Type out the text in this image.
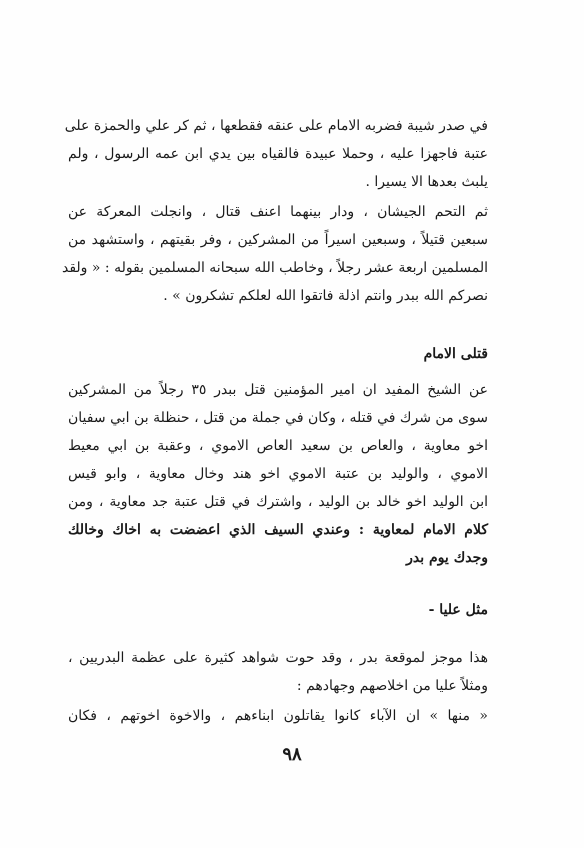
في صدر شيبة فضربه الامام على عنقه فقطعها ، ثم كر علي والحمزة على
عتبة فاجهزا عليه ، وحملا عبيدة فالقياه بين يدي ابن عمه الرسول ، ولم
يلبث بعدها الا يسيرا .
ثم التحم الجيشان ، ودار بينهما اعنف قتال ، وانجلت المعركة عن
سبعين قتيلاً ، وسبعين اسيراً من المشركين ، وفر بقيتهم ، واستشهد من
المسلمين اربعة عشر رجلاً ، وخاطب الله سبحانه المسلمين بقوله : « ولقد
نصركم الله ببدر وانتم اذلة فاتقوا الله لعلكم تشكرون » .
قتلى الامام
عن الشيخ المفيد ان امير المؤمنين قتل ببدر ٣٥ رجلاً من المشركين
سوى من شرك في قتله ، وكان في جملة من قتل ، حنظلة بن ابي سفيان
اخو معاوية ، والعاص بن سعيد العاص الاموي ، وعقبة بن ابي معيط
الاموي ، والوليد بن عتبة الاموي اخو هند وخال معاوية ، وابو قيس
ابن الوليد اخو خالد بن الوليد ، واشترك في قتل عتبة جد معاوية ، ومن
كلام الامام لمعاوية : وعندي السيف الذي اعضضت به اخاك وخالك
وجدك يوم بدر
مثل عليا -
هذا موجز لموقعة بدر ، وقد حوت شواهد كثيرة على عظمة البدريين ،
ومثلاً عليا من اخلاصهم وجهادهم :
« منها » ان الآباء كانوا يقاتلون ابناءهم ، والاخوة اخوتهم ، فكان
٩٨
